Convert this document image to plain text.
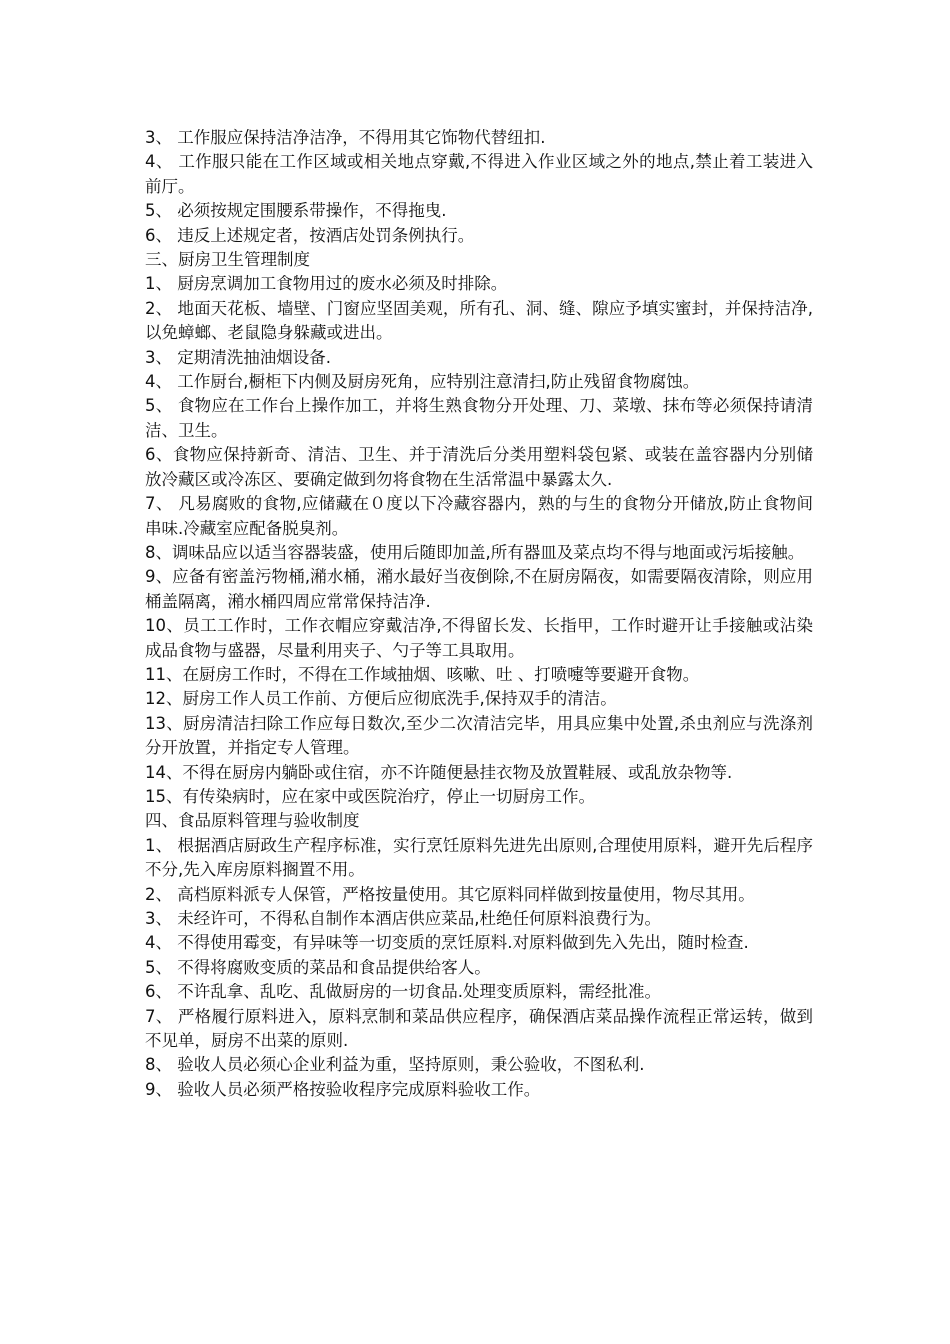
3、 工作服应保持洁净洁净，不得用其它饰物代替纽扣.

4、 工作服只能在工作区域或相关地点穿戴,不得进入作业区域之外的地点,禁止着工装进入前厅。

5、 必须按规定围腰系带操作，不得拖曳.

6、 违反上述规定者，按酒店处罚条例执行。

三、厨房卫生管理制度

1、 厨房烹调加工食物用过的废水必须及时排除。

2、 地面天花板、墙壁、门窗应坚固美观，所有孔、洞、缝、隙应予填实蜜封，并保持洁净,以免蟑螂、老鼠隐身躲藏或进出。

3、 定期清洗抽油烟设备.

4、 工作厨台,橱柜下内侧及厨房死角，应特别注意清扫,防止残留食物腐蚀。

5、 食物应在工作台上操作加工，并将生熟食物分开处理、刀、菜墩、抹布等必须保持请清洁、卫生。

6、食物应保持新奇、清洁、卫生、并于清洗后分类用塑料袋包紧、或装在盖容器内分别储放冷藏区或冷冻区、要确定做到勿将食物在生活常温中暴露太久.

7、 凡易腐败的食物,应储藏在０度以下冷藏容器内，熟的与生的食物分开储放,防止食物间串味.冷藏室应配备脱臭剂。

8、调味品应以适当容器装盛，使用后随即加盖,所有器皿及菜点均不得与地面或污垢接触。

9、应备有密盖污物桶,潲水桶，潲水最好当夜倒除,不在厨房隔夜，如需要隔夜清除，则应用桶盖隔离，潲水桶四周应常常保持洁净.

10、员工工作时，工作衣帽应穿戴洁净,不得留长发、长指甲，工作时避开让手接触或沾染成品食物与盛器，尽量利用夹子、勺子等工具取用。

11、在厨房工作时，不得在工作域抽烟、咳嗽、吐 、打喷嚏等要避开食物。

12、厨房工作人员工作前、方便后应彻底洗手,保持双手的清洁。

13、厨房清洁扫除工作应每日数次,至少二次清洁完毕，用具应集中处置,杀虫剂应与洗涤剂分开放置，并指定专人管理。

14、不得在厨房内躺卧或住宿，亦不许随便悬挂衣物及放置鞋屐、或乱放杂物等.

15、有传染病时，应在家中或医院治疗，停止一切厨房工作。

四、食品原料管理与验收制度

1、 根据酒店厨政生产程序标准，实行烹饪原料先进先出原则,合理使用原料，避开先后程序不分,先入库房原料搁置不用。

2、 高档原料派专人保管，严格按量使用。其它原料同样做到按量使用，物尽其用。

3、 未经许可，不得私自制作本酒店供应菜品,杜绝任何原料浪费行为。

4、 不得使用霉变，有异味等一切变质的烹饪原料.对原料做到先入先出，随时检查.

5、 不得将腐败变质的菜品和食品提供给客人。

6、 不许乱拿、乱吃、乱做厨房的一切食品.处理变质原料，需经批准。

7、 严格履行原料进入，原料烹制和菜品供应程序，确保酒店菜品操作流程正常运转，做到不见单，厨房不出菜的原则.

8、 验收人员必须心企业利益为重，坚持原则，秉公验收，不图私利.

9、 验收人员必须严格按验收程序完成原料验收工作。
